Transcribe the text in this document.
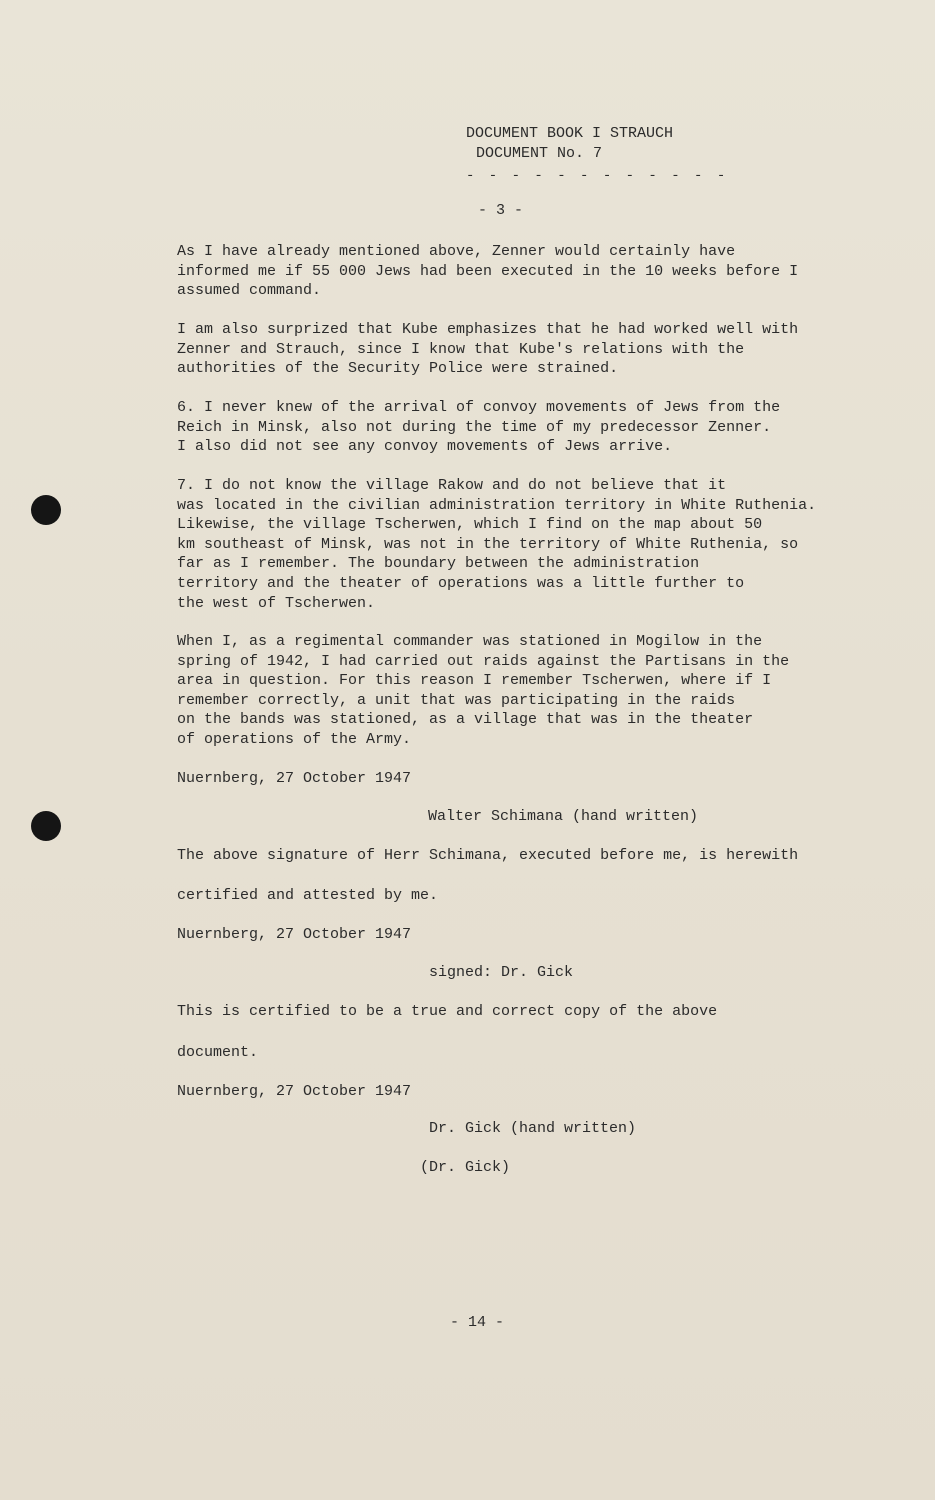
DOCUMENT BOOK I STRAUCH
DOCUMENT No. 7
- - - - - - - - - - - -
- 3 -

As I have already mentioned above, Zenner would certainly have
informed me if 55 000 Jews had been executed in the 10 weeks before I
assumed command.

I am also surprized that Kube emphasizes that he had worked well with
Zenner and Strauch, since I know that Kube's relations with the
authorities of the Security Police were strained.

6. I never knew of the arrival of convoy movements of Jews from the
Reich in Minsk, also not during the time of my predecessor Zenner.
I also did not see any convoy movements of Jews arrive.

7. I do not know the village Rakow and do not believe that it
was located in the civilian administration territory in White Ruthenia.
Likewise, the village Tscherwen, which I find on the map about 50
km southeast of Minsk, was not in the territory of White Ruthenia, so
far as I remember. The boundary between the administration
territory and the theater of operations was a little further to
the west of Tscherwen.

When I, as a regimental commander was stationed in Mogilow in the
spring of 1942, I had carried out raids against the Partisans in the
area in question. For this reason I remember Tscherwen, where if I
remember correctly, a unit that was participating in the raids
on the bands was stationed, as a village that was in the theater
of operations of the Army.

Nuernberg, 27 October 1947
Walter Schimana (hand written)
The above signature of Herr Schimana, executed before me, is herewith
certified and attested by me.
Nuernberg, 27 October 1947
signed: Dr. Gick
This is certified to be a true and correct copy of the above
document.
Nuernberg, 27 October 1947
Dr. Gick (hand written)
(Dr. Gick)
- 14 -
